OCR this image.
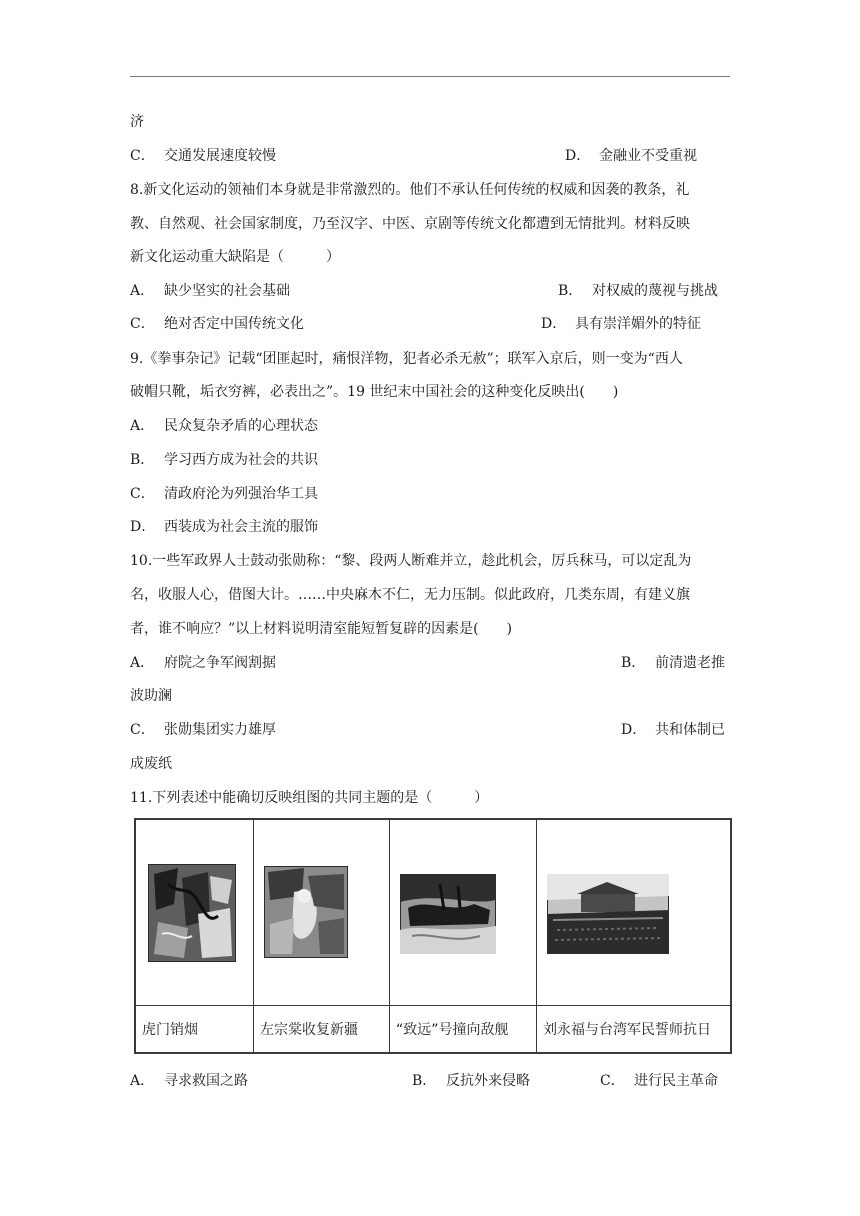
济
C． 交通发展速度较慢	D． 金融业不受重视
8.新文化运动的领袖们本身就是非常激烈的。他们不承认任何传统的权威和因袭的教条，礼
教、自然观、社会国家制度，乃至汉字、中医、京剧等传统文化都遭到无情批判。材料反映
新文化运动重大缺陷是（　　　）
A． 缺少坚实的社会基础	B． 对权威的蔑视与挑战
C． 绝对否定中国传统文化	D． 具有崇洋媚外的特征
9.《拳事杂记》记载“团匪起时，痛恨洋物，犯者必杀无赦”；联军入京后，则一变为“西人
破帽只靴，垢衣穷裤，必表出之”。19 世纪末中国社会的这种变化反映出(　　)
A． 民众复杂矛盾的心理状态
B． 学习西方成为社会的共识
C． 清政府沦为列强治华工具
D． 西装成为社会主流的服饰
10.一些军政界人士鼓动张勋称：“黎、段两人断难并立，趁此机会，厉兵秣马，可以定乱为
名，收服人心，借图大计。……中央麻木不仁，无力压制。似此政府，几类东周，有建义旗
者，谁不响应？”以上材料说明清室能短暂复辟的因素是(　　)
A． 府院之争军阀割据	B． 前清遗老推
波助澜
C． 张勋集团实力雄厚	D． 共和体制已
成废纸
11.下列表述中能确切反映组图的共同主题的是（　　　）
虎门销烟	左宗棠收复新疆	“致远”号撞向敌舰 刘永福与台湾军民誓师抗日
A． 寻求救国之路	B． 反抗外来侵略	C． 进行民主革命
